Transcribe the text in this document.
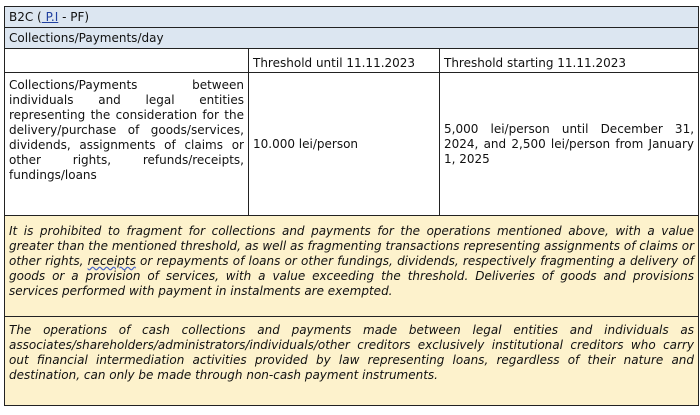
B2C ( P.I - PF)		
Collections/Payments/day		
	Threshold until 11.11.2023	Threshold starting 11.11.2023
Collections/Payments between individuals and legal entities representing the consideration for the delivery/purchase of goods/services, dividends, assignments of claims or other rights, refunds/receipts, fundings/loans	10.000 lei/person	5,000 lei/person until December 31, 2024, and 2,500 lei/person from January 1, 2025
It is prohibited to fragment for collections and payments for the operations mentioned above, with a value greater than the mentioned threshold, as well as fragmenting transactions representing assignments of claims or other rights, receipts or repayments of loans or other fundings, dividends, respectively fragmenting a delivery of goods or a provision of services, with a value exceeding the threshold. Deliveries of goods and provisions services performed with payment in instalments are exempted.		
The operations of cash collections and payments made between legal entities and individuals as associates/shareholders/administrators/individuals/other creditors exclusively institutional creditors who carry out financial intermediation activities provided by law representing loans, regardless of their nature and destination, can only be made through non-cash payment instruments.		
